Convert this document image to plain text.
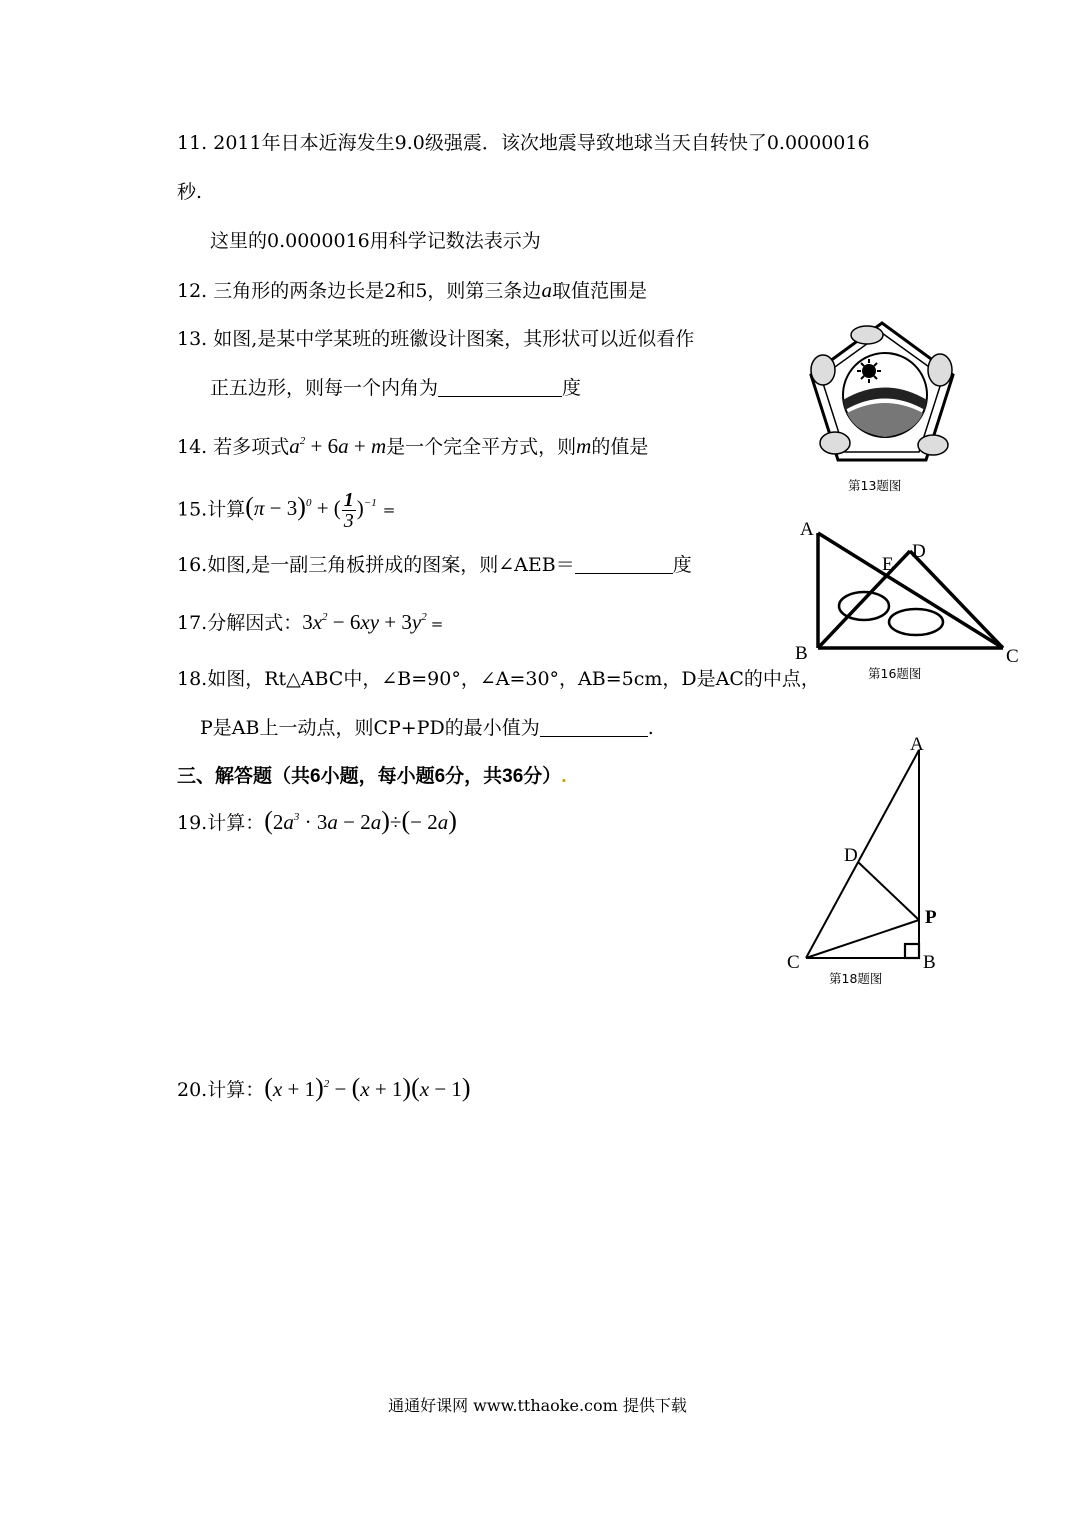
11. 2011年日本近海发生9.0级强震．该次地震导致地球当天自转快了0.0000016
秒.
这里的0.0000016用科学记数法表示为
12. 三角形的两条边长是2和5，则第三条边a取值范围是
13. 如图,是某中学某班的班徽设计图案，其形状可以近似看作
正五边形，则每一个内角为	度
14. 若多项式$a^2 + 6a + m$是一个完全平方式，则m的值是
15.计算$(\pi - 3)^0$ + ( $\frac{1}{3} )^{-1}$ =
16.如图,是一副三角板拼成的图案，则∠AEB＝	度
17.分解因式：$3x^2 - 6xy + 3y^2$ =
18.如图，Rt△ABC中，∠B=90°，∠A=30°，AB=5cm，D是AC的中点，
P是AB上一动点，则CP+PD的最小值为	.
三、解答题（共6小题，每小题6分，共36分）.
19.计算：$(2a^3 \cdot 3a - 2a)\div(- 2a)$
20.计算：$(x + 1)^2 - (x + 1)(x - 1)$
第13题图
A
B	C
D
E
第16题图
A
B
C
D
P
第18题图
通通好课网 www.tthaoke.com 提供下载
